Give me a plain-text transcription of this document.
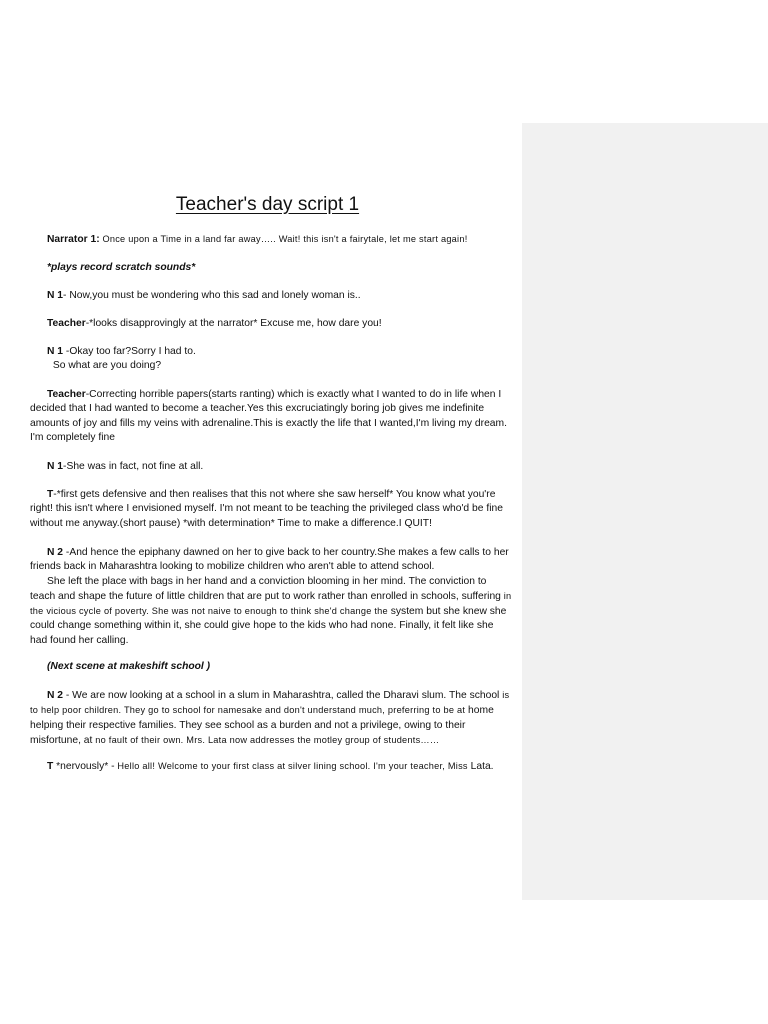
Teacher's day script 1

Narrator 1: Once upon a Time in a land far away….. Wait! this isn't a fairytale, let me start again!

*plays record scratch sounds*

N 1- Now,you must be wondering who this sad and lonely woman is..

Teacher-*looks disapprovingly at the narrator* Excuse me, how dare you!

N 1 -Okay too far?Sorry I had to.
So what are you doing?

Teacher-Correcting horrible papers(starts ranting) which is exactly what I wanted to do in life when I decided that I had wanted to become a teacher.Yes this excruciatingly boring job gives me indefinite amounts of joy and fills my veins with adrenaline.This is exactly the life that I wanted,I'm living my dream. I'm completely fine

N 1-She was in fact, not fine at all.

T-*first gets defensive and then realises that this not where she saw herself* You know what you're right! this isn't where I envisioned myself. I'm not meant to be teaching the privileged class who'd be fine without me anyway.(short pause) *with determination* Time to make a difference.I QUIT!

N 2 -And hence the epiphany dawned on her to give back to her country.She makes a few calls to her friends back in Maharashtra looking to mobilize children who aren't able to attend school.
She left the place with bags in her hand and a conviction blooming in her mind. The conviction to teach and shape the future of little children that are put to work rather than enrolled in schools, suffering in the vicious cycle of poverty. She was not naive to enough to think she'd change the system but she knew she could change something within it, she could give hope to the kids who had none. Finally, it felt like she had found her calling.

(Next scene at makeshift school )

N 2 - We are now looking at a school in a slum in Maharashtra, called the Dharavi slum. The school is to help poor children. They go to school for namesake and don't understand much, preferring to be at home helping their respective families. They see school as a burden and not a privilege, owing to their misfortune, at no fault of their own. Mrs. Lata now addresses the motley group of students……

T *nervously* - Hello all! Welcome to your first class at silver lining school. I'm your teacher, Miss Lata.
